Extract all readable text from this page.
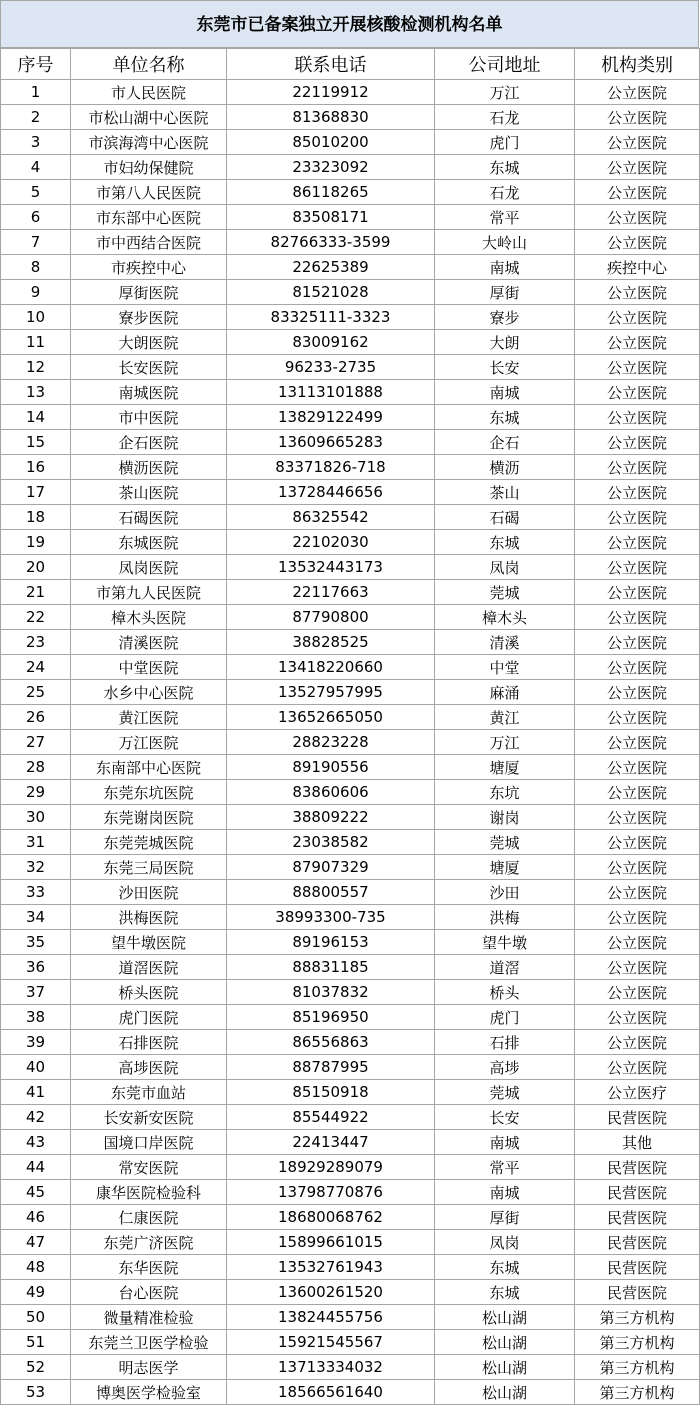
东莞市已备案独立开展核酸检测机构名单
序号	单位名称	联系电话	公司地址	机构类别
1	市人民医院	22119912	万江	公立医院
2	市松山湖中心医院	81368830	石龙	公立医院
3	市滨海湾中心医院	85010200	虎门	公立医院
4	市妇幼保健院	23323092	东城	公立医院
5	市第八人民医院	86118265	石龙	公立医院
6	市东部中心医院	83508171	常平	公立医院
7	市中西结合医院	82766333-3599	大岭山	公立医院
8	市疾控中心	22625389	南城	疾控中心
9	厚街医院	81521028	厚街	公立医院
10	寮步医院	83325111-3323	寮步	公立医院
11	大朗医院	83009162	大朗	公立医院
12	长安医院	96233-2735	长安	公立医院
13	南城医院	13113101888	南城	公立医院
14	市中医院	13829122499	东城	公立医院
15	企石医院	13609665283	企石	公立医院
16	横沥医院	83371826-718	横沥	公立医院
17	茶山医院	13728446656	茶山	公立医院
18	石碣医院	86325542	石碣	公立医院
19	东城医院	22102030	东城	公立医院
20	凤岗医院	13532443173	凤岗	公立医院
21	市第九人民医院	22117663	莞城	公立医院
22	樟木头医院	87790800	樟木头	公立医院
23	清溪医院	38828525	清溪	公立医院
24	中堂医院	13418220660	中堂	公立医院
25	水乡中心医院	13527957995	麻涌	公立医院
26	黄江医院	13652665050	黄江	公立医院
27	万江医院	28823228	万江	公立医院
28	东南部中心医院	89190556	塘厦	公立医院
29	东莞东坑医院	83860606	东坑	公立医院
30	东莞谢岗医院	38809222	谢岗	公立医院
31	东莞莞城医院	23038582	莞城	公立医院
32	东莞三局医院	87907329	塘厦	公立医院
33	沙田医院	88800557	沙田	公立医院
34	洪梅医院	38993300-735	洪梅	公立医院
35	望牛墩医院	89196153	望牛墩	公立医院
36	道滘医院	88831185	道滘	公立医院
37	桥头医院	81037832	桥头	公立医院
38	虎门医院	85196950	虎门	公立医院
39	石排医院	86556863	石排	公立医院
40	高埗医院	88787995	高埗	公立医院
41	东莞市血站	85150918	莞城	公立医疗
42	长安新安医院	85544922	长安	民营医院
43	国境口岸医院	22413447	南城	其他
44	常安医院	18929289079	常平	民营医院
45	康华医院检验科	13798770876	南城	民营医院
46	仁康医院	18680068762	厚街	民营医院
47	东莞广济医院	15899661015	凤岗	民营医院
48	东华医院	13532761943	东城	民营医院
49	台心医院	13600261520	东城	民营医院
50	微量精准检验	13824455756	松山湖	第三方机构
51	东莞兰卫医学检验	15921545567	松山湖	第三方机构
52	明志医学	13713334032	松山湖	第三方机构
53	博奥医学检验室	18566561640	松山湖	第三方机构
